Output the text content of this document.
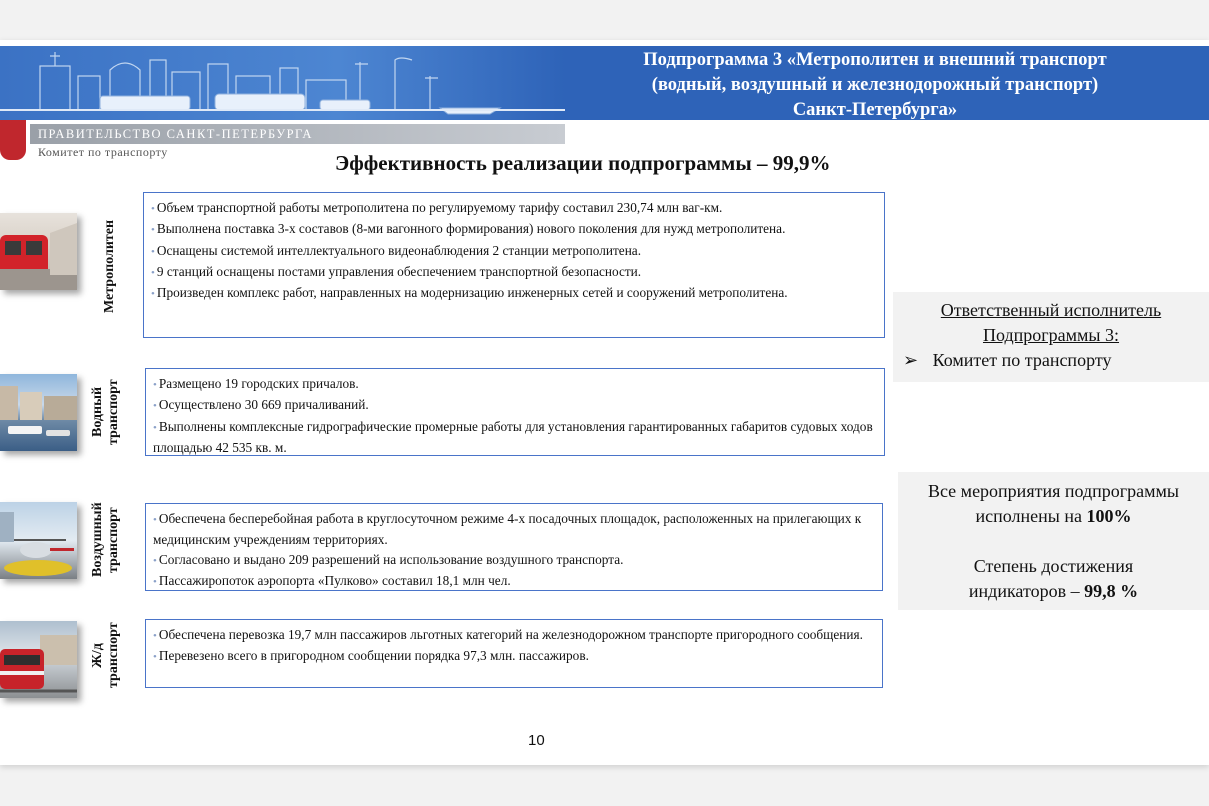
Подпрограмма 3 «Метрополитен и внешний транспорт
(водный, воздушный и железнодорожный транспорт)
Санкт-Петербурга»
ПРАВИТЕЛЬСТВО САНКТ-ПЕТЕРБУРГА
Комитет по транспорту	Эффективность реализации подпрограммы – 99,9%
Метрополитен

• Объем транспортной работы метрополитена по регулируемому тарифу составил 230,74 млн ваг-км.

• Выполнена поставка 3-х составов (8-ми вагонного формирования) нового поколения для нужд метрополитена.

• Оснащены системой интеллектуального видеонаблюдения 2 станции метрополитена.

• 9 станций оснащены постами управления обеспечением транспортной безопасности.

• Произведен комплекс работ, направленных на модернизацию инженерных сетей и сооружений метрополитена.

Водный
транспорт	• Размещено 19 городских причалов.

• Осуществлено 30 669 причаливаний.

• Выполнены комплексные гидрографические промерные работы для установления гарантированных габаритов судовых ходов площадью 42 535 кв. м.

Воздушный
транспорт	• Обеспечена бесперебойная работа в круглосуточном режиме 4-х посадочных площадок, расположенных на прилегающих к медицинским учреждениям территориях.

• Согласовано и выдано 209 разрешений на использование воздушного транспорта.

• Пассажиропоток аэропорта «Пулково» составил 18,1 млн чел.

Ж/д
транспорт	• Обеспечена перевозка 19,7 млн пассажиров льготных категорий на железнодорожном транспорте пригородного сообщения.

• Перевезено всего в пригородном сообщении порядка 97,3 млн. пассажиров.

Ответственный исполнитель
Подпрограммы 3:
➢ Комитет по транспорту
Все мероприятия подпрограммы
исполнены на 100%
Степень достижения
индикаторов – 99,8 %
10
